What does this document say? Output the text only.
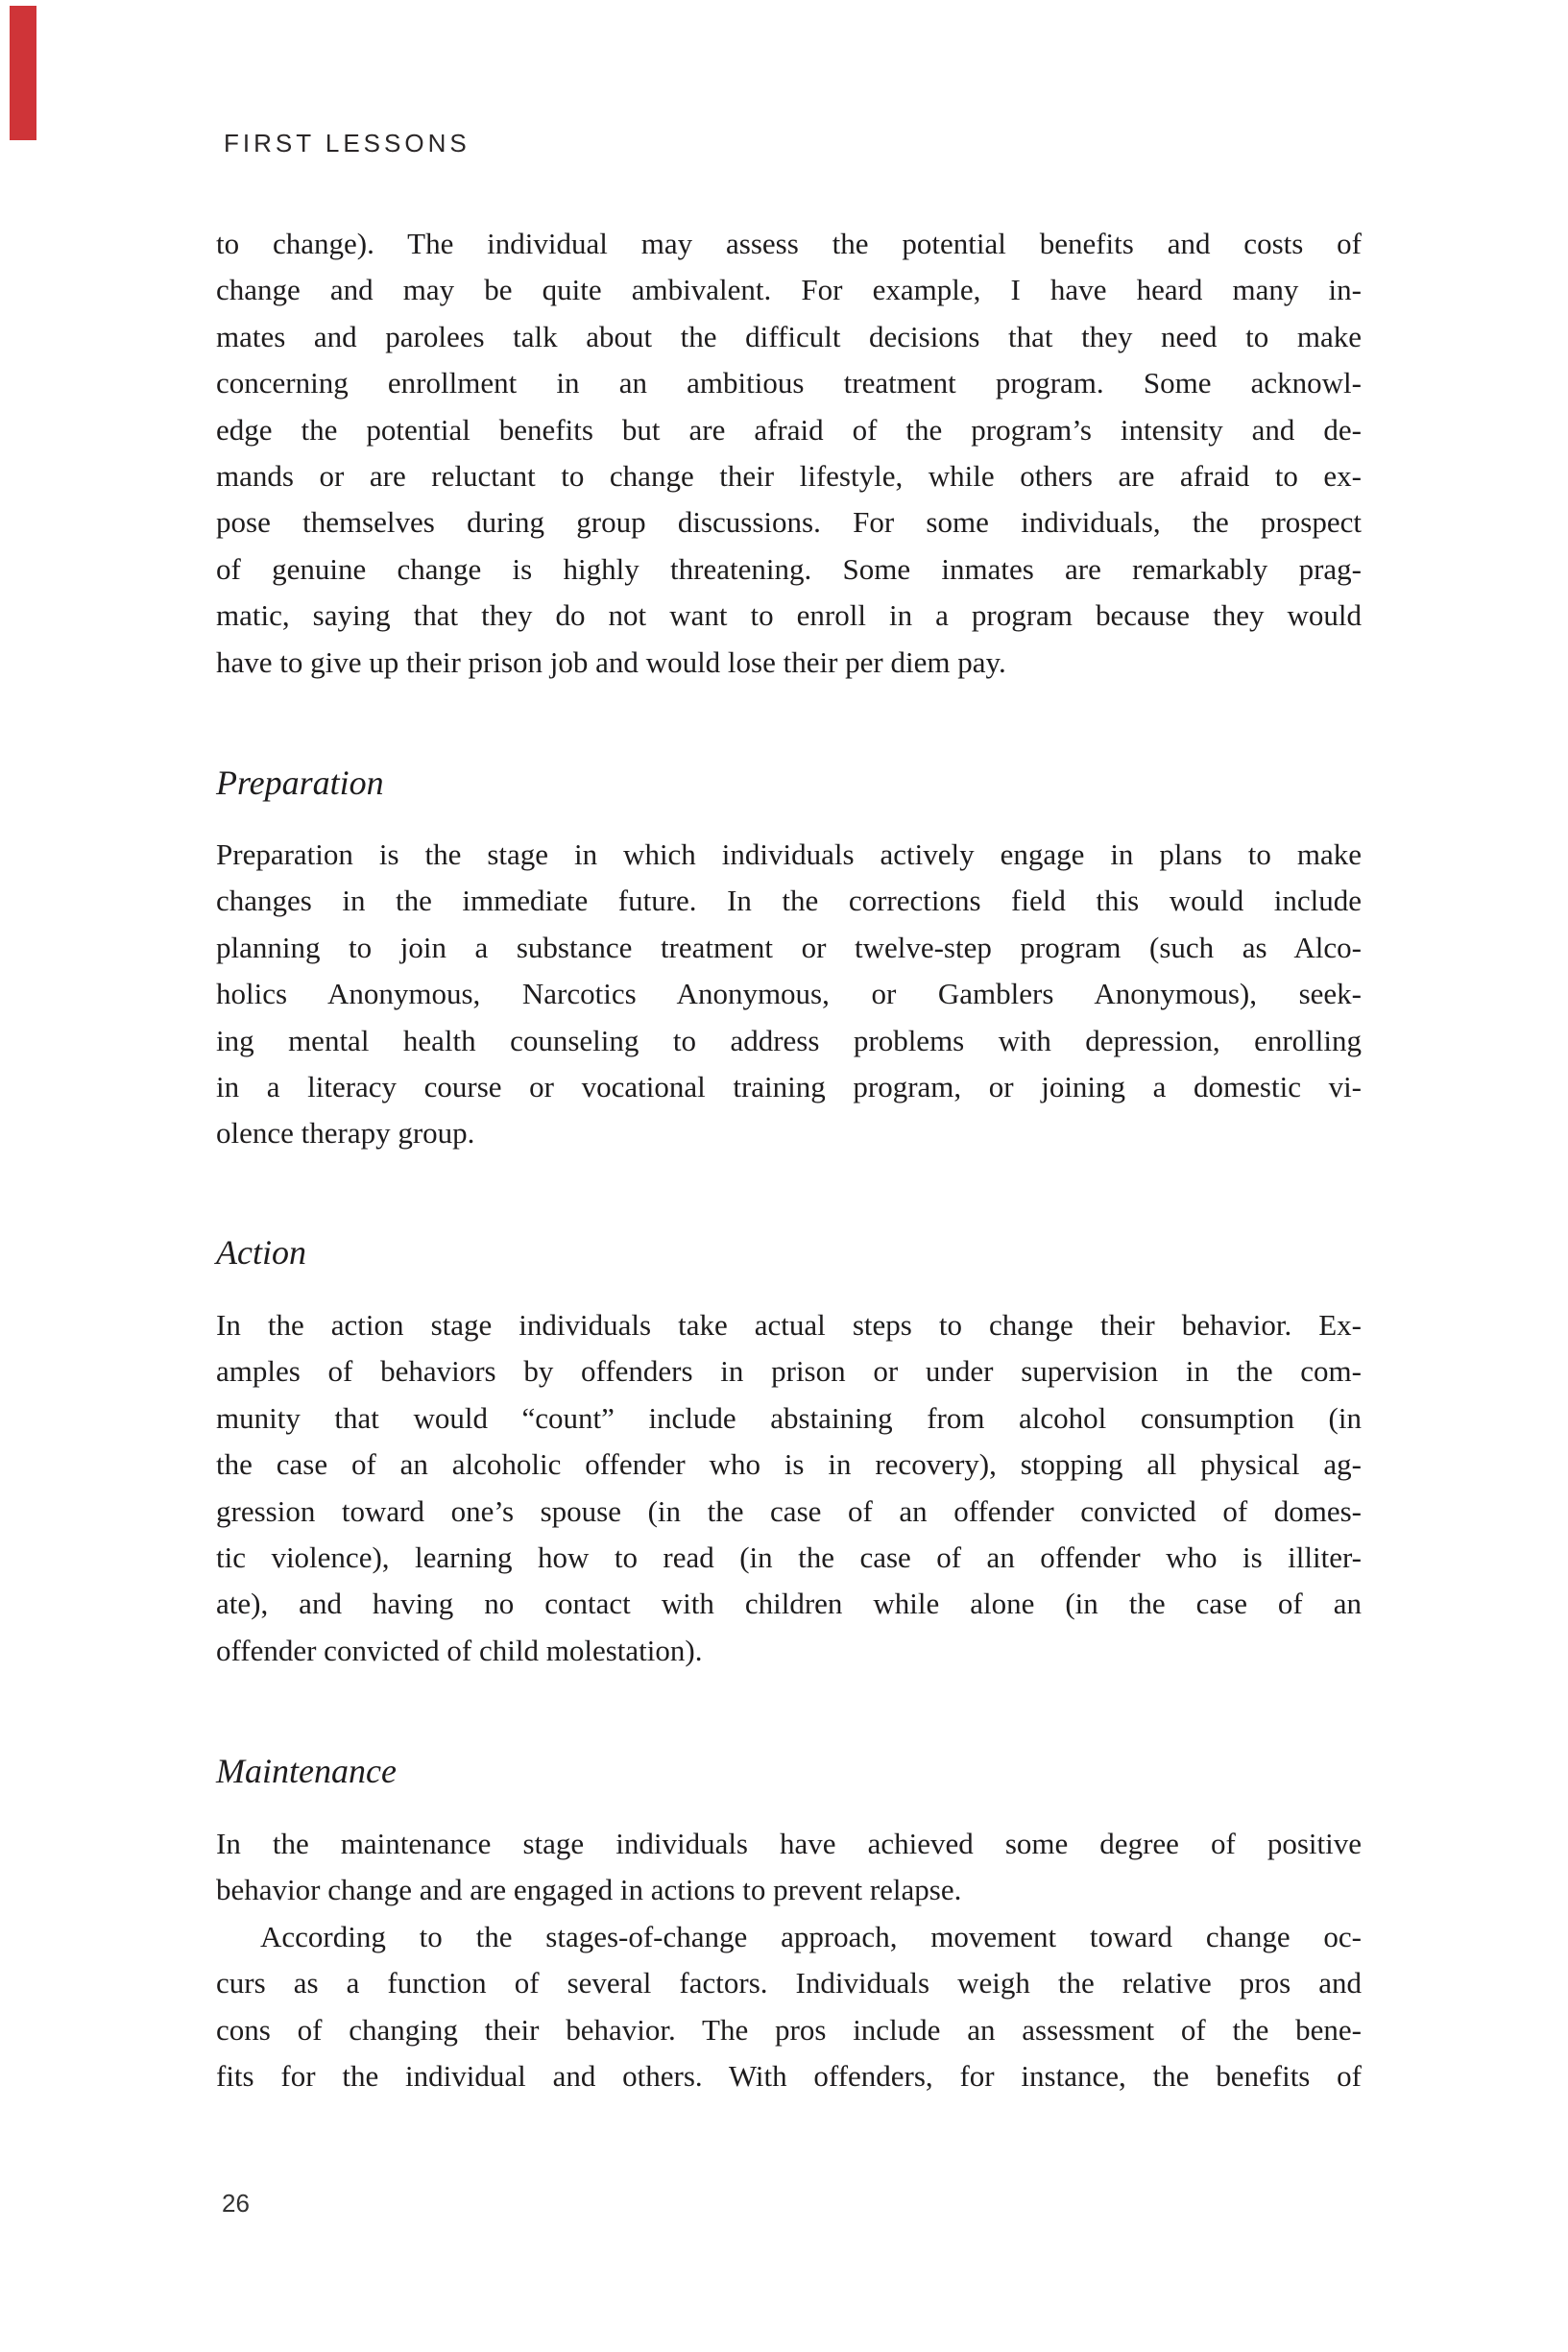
FIRST LESSONS
to change). The individual may assess the potential benefits and costs of
change and may be quite ambivalent. For example, I have heard many in-
mates and parolees talk about the difficult decisions that they need to make
concerning enrollment in an ambitious treatment program. Some acknowl-
edge the potential benefits but are afraid of the program’s intensity and de-
mands or are reluctant to change their lifestyle, while others are afraid to ex-
pose themselves during group discussions. For some individuals, the prospect
of genuine change is highly threatening. Some inmates are remarkably prag-
matic, saying that they do not want to enroll in a program because they would
have to give up their prison job and would lose their per diem pay.
Preparation
Preparation is the stage in which individuals actively engage in plans to make
changes in the immediate future. In the corrections field this would include
planning to join a substance treatment or twelve-step program (such as Alco-
holics Anonymous, Narcotics Anonymous, or Gamblers Anonymous), seek-
ing mental health counseling to address problems with depression, enrolling
in a literacy course or vocational training program, or joining a domestic vi-
olence therapy group.
Action
In the action stage individuals take actual steps to change their behavior. Ex-
amples of behaviors by offenders in prison or under supervision in the com-
munity that would “count” include abstaining from alcohol consumption (in
the case of an alcoholic offender who is in recovery), stopping all physical ag-
gression toward one’s spouse (in the case of an offender convicted of domes-
tic violence), learning how to read (in the case of an offender who is illiter-
ate), and having no contact with children while alone (in the case of an
offender convicted of child molestation).
Maintenance
In the maintenance stage individuals have achieved some degree of positive
behavior change and are engaged in actions to prevent relapse.
According to the stages-of-change approach, movement toward change oc-
curs as a function of several factors. Individuals weigh the relative pros and
cons of changing their behavior. The pros include an assessment of the bene-
fits for the individual and others. With offenders, for instance, the benefits of
26
